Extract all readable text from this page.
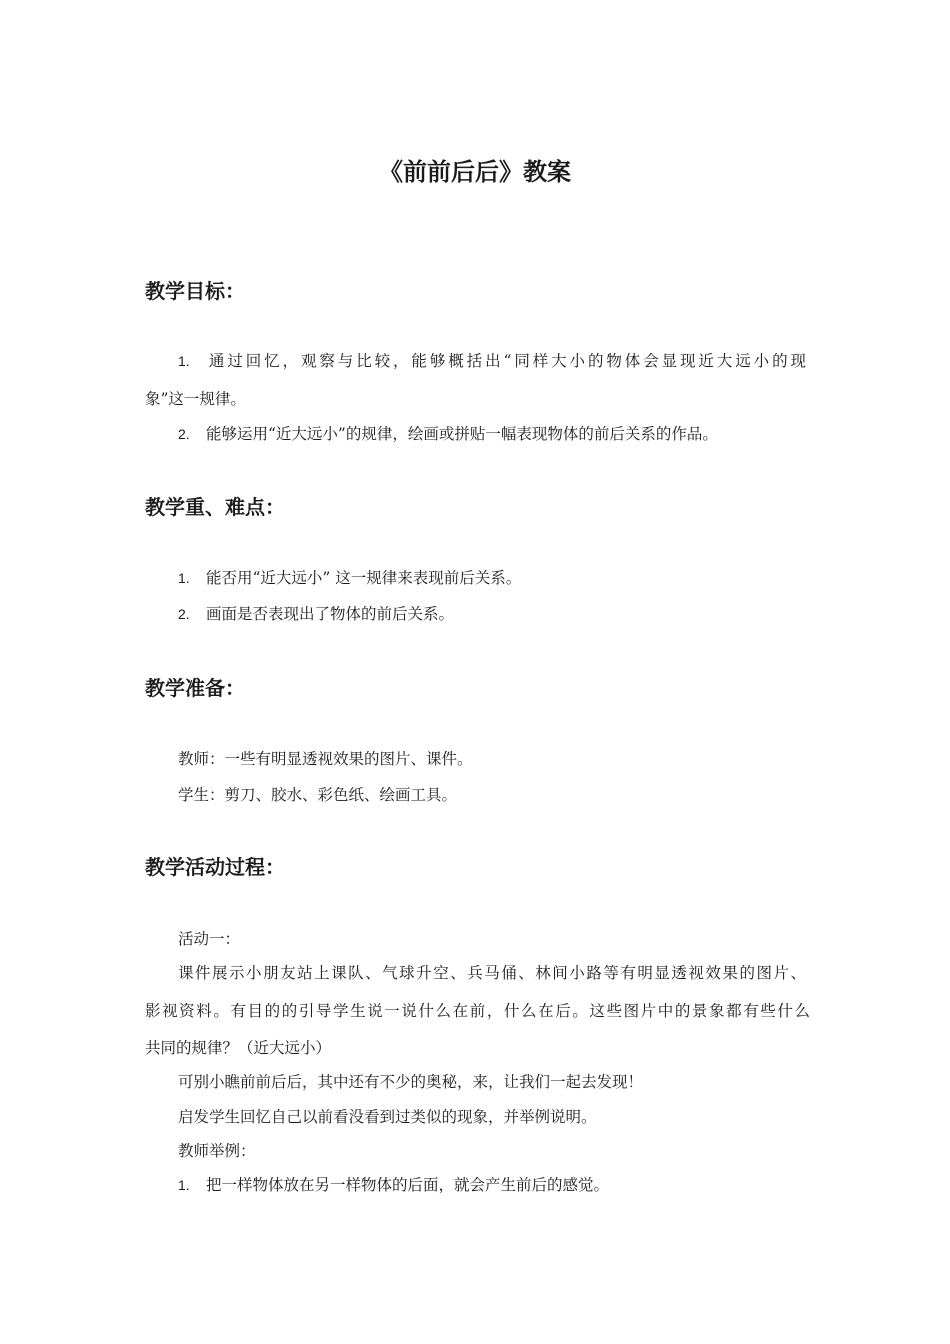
《前前后后》教案
教学目标：
1. 通过回忆，观察与比较，能够概括出“同样大小的物体会显现近大远小的现
象”这一规律。
2. 能够运用“近大远小”的规律，绘画或拼贴一幅表现物体的前后关系的作品。
教学重、难点：
1. 能否用“近大远小” 这一规律来表现前后关系。
2. 画面是否表现出了物体的前后关系。
教学准备：
教师：一些有明显透视效果的图片、课件。
学生：剪刀、胶水、彩色纸、绘画工具。
教学活动过程：
活动一：
课件展示小朋友站上课队、气球升空、兵马俑、林间小路等有明显透视效果的图片、
影视资料。有目的的引导学生说一说什么在前，什么在后。这些图片中的景象都有些什么
共同的规律？（近大远小）
可别小瞧前前后后，其中还有不少的奥秘，来，让我们一起去发现！
启发学生回忆自己以前看没看到过类似的现象，并举例说明。
教师举例：
1. 把一样物体放在另一样物体的后面，就会产生前后的感觉。
